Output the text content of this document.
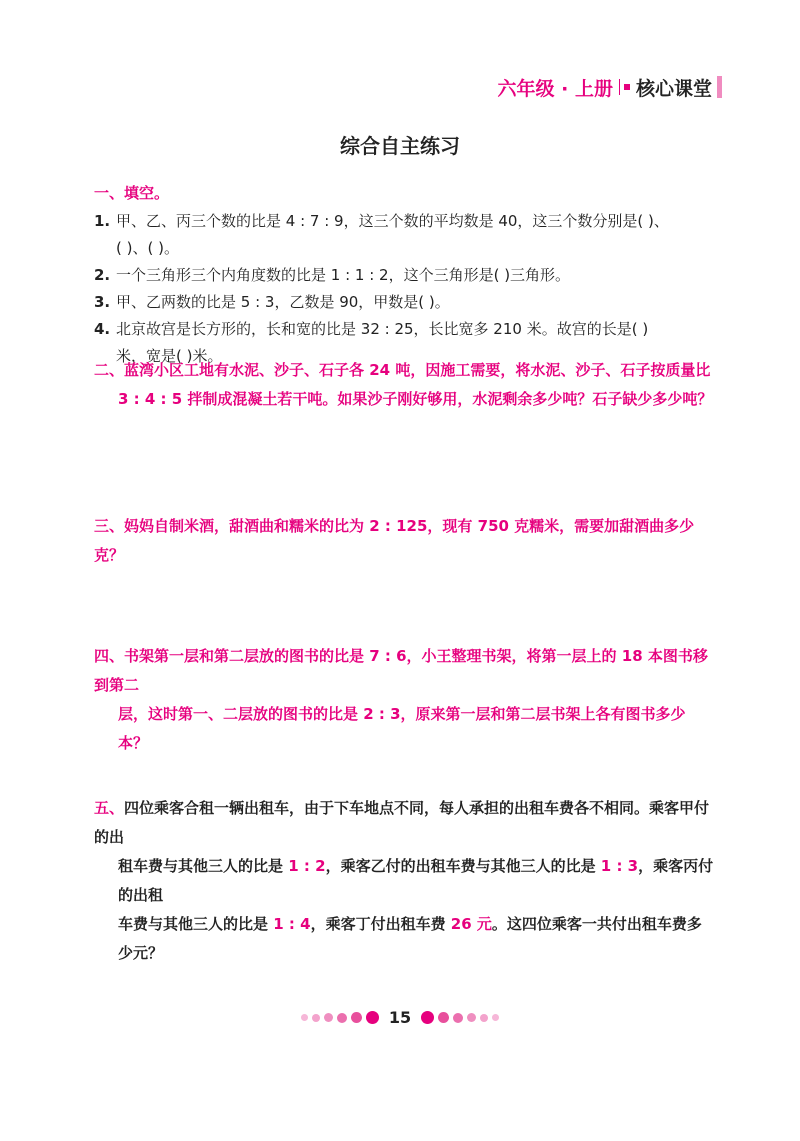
六年级 · 上册 核心课堂
综合自主练习
一、填空。
1. 甲、乙、丙三个数的比是 4 : 7 : 9，这三个数的平均数是 40，这三个数分别是( )、
( )、( )。
2. 一个三角形三个内角度数的比是 1 : 1 : 2，这个三角形是( )三角形。
3. 甲、乙两数的比是 5 : 3，乙数是 90，甲数是( )。
4. 北京故宫是长方形的，长和宽的比是 32 : 25，长比宽多 210 米。故宫的长是( )
米，宽是( )米。
二、蓝湾小区工地有水泥、沙子、石子各 24 吨，因施工需要，将水泥、沙子、石子按质量比
3 : 4 : 5 拌制成混凝土若干吨。如果沙子刚好够用，水泥剩余多少吨？石子缺少多少吨？
三、妈妈自制米酒，甜酒曲和糯米的比为 2 : 125，现有 750 克糯米，需要加甜酒曲多少克？
四、书架第一层和第二层放的图书的比是 7 : 6，小王整理书架，将第一层上的 18 本图书移到第二
层，这时第一、二层放的图书的比是 2 : 3，原来第一层和第二层书架上各有图书多少本？
五、四位乘客合租一辆出租车，由于下车地点不同，每人承担的出租车费各不相同。乘客甲付的出
租车费与其他三人的比是 1 : 2，乘客乙付的出租车费与其他三人的比是 1 : 3，乘客丙付的出租
车费与其他三人的比是 1 : 4，乘客丁付出租车费 26 元。这四位乘客一共付出租车费多少元？
15
